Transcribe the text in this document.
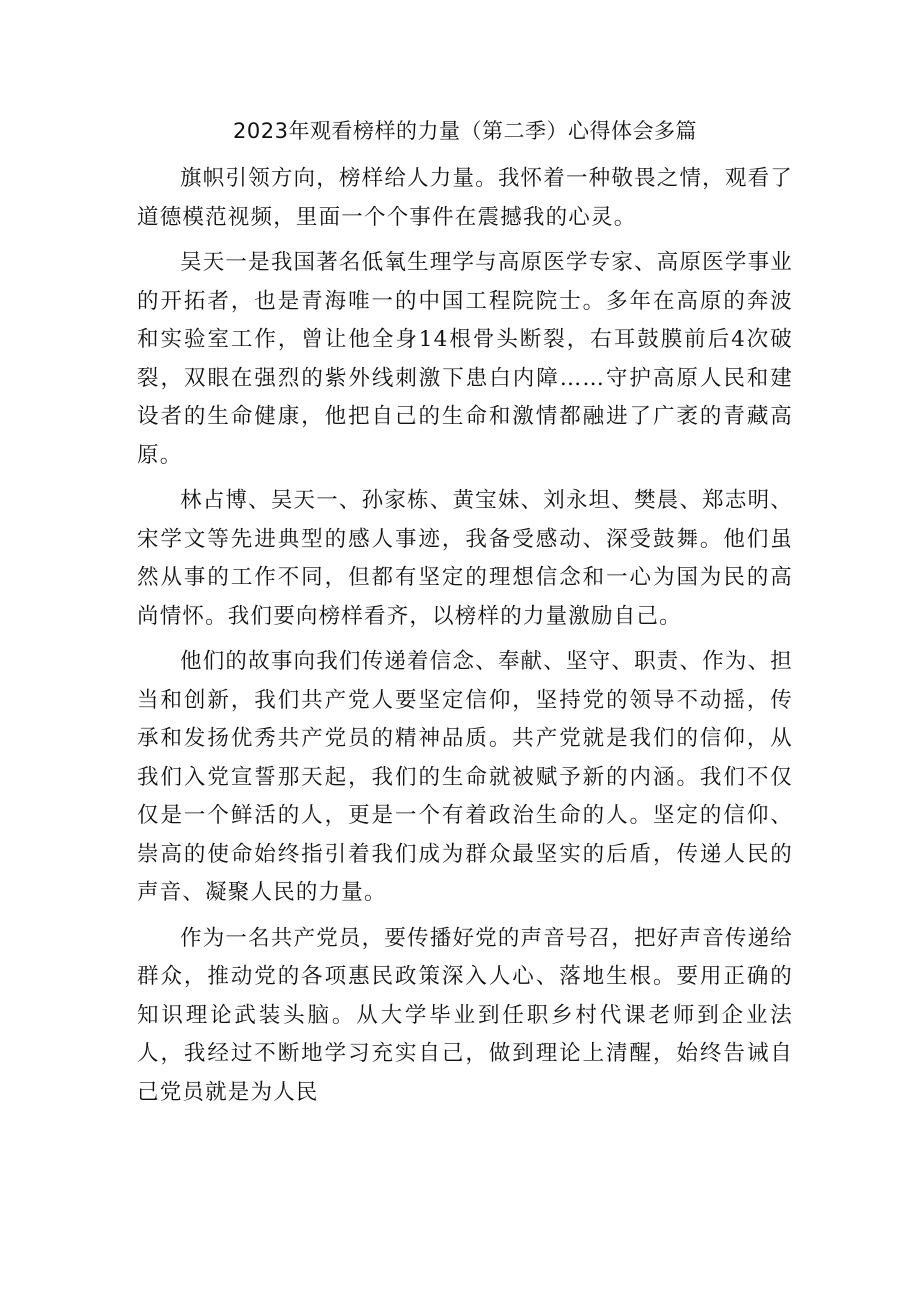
2023年观看榜样的力量（第二季）心得体会多篇

旗帜引领方向，榜样给人力量。我怀着一种敬畏之情，观看了道德模范视频，里面一个个事件在震撼我的心灵。

吴天一是我国著名低氧生理学与高原医学专家、高原医学事业的开拓者，也是青海唯一的中国工程院院士。多年在高原的奔波和实验室工作，曾让他全身14根骨头断裂，右耳鼓膜前后4次破裂，双眼在强烈的紫外线刺激下患白内障……守护高原人民和建设者的生命健康，他把自己的生命和激情都融进了广袤的青藏高原。

林占博、吴天一、孙家栋、黄宝妹、刘永坦、樊晨、郑志明、宋学文等先进典型的感人事迹，我备受感动、深受鼓舞。他们虽然从事的工作不同，但都有坚定的理想信念和一心为国为民的高尚情怀。我们要向榜样看齐，以榜样的力量激励自己。

他们的故事向我们传递着信念、奉献、坚守、职责、作为、担当和创新，我们共产党人要坚定信仰，坚持党的领导不动摇，传承和发扬优秀共产党员的精神品质。共产党就是我们的信仰，从我们入党宣誓那天起，我们的生命就被赋予新的内涵。我们不仅仅是一个鲜活的人，更是一个有着政治生命的人。坚定的信仰、崇高的使命始终指引着我们成为群众最坚实的后盾，传递人民的声音、凝聚人民的力量。

作为一名共产党员，要传播好党的声音号召，把好声音传递给群众，推动党的各项惠民政策深入人心、落地生根。要用正确的知识理论武装头脑。从大学毕业到任职乡村代课老师到企业法人，我经过不断地学习充实自己，做到理论上清醒，始终告诫自己党员就是为人民
